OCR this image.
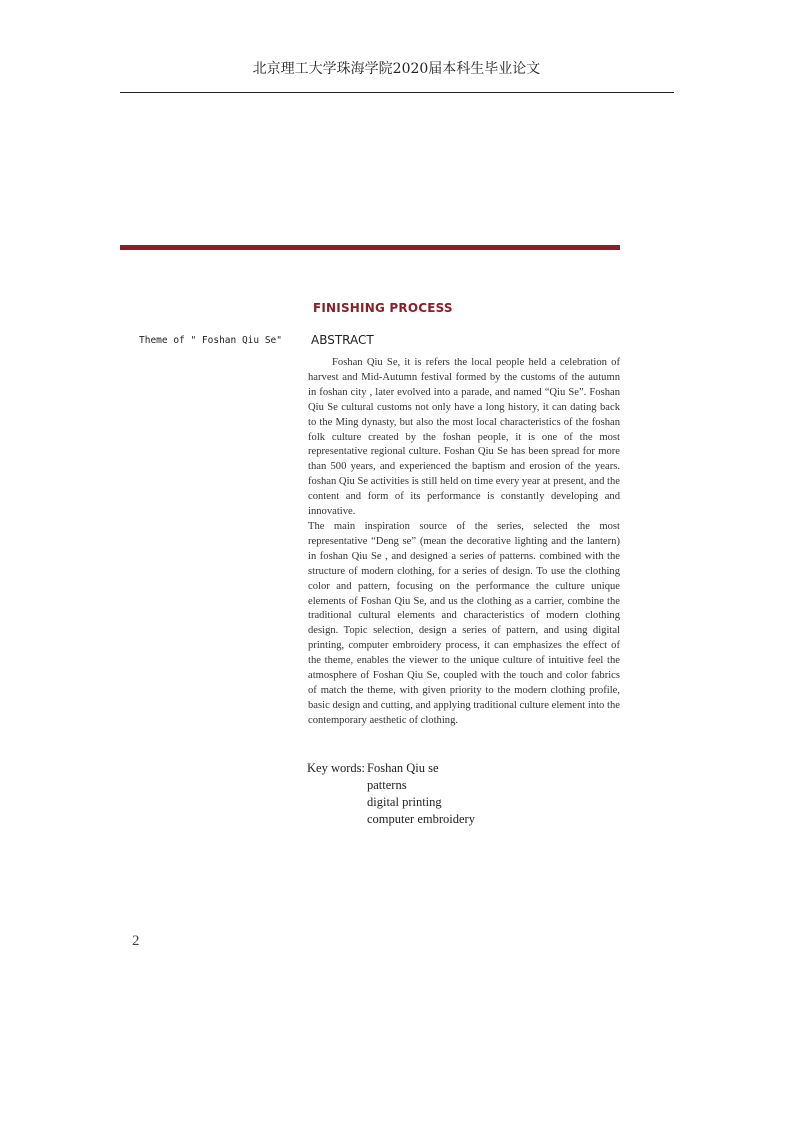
北京理工大学珠海学院2020届本科生毕业论文
FINISHING PROCESS
Theme of " Foshan Qiu Se" ABSTRACT

Foshan Qiu Se, it is refers the local people held a celebration of harvest and Mid-Autumn festival formed by the customs of the autumn in foshan city , later evolved into a parade, and named “Qiu Se”. Foshan Qiu Se cultural customs not only have a long history, it can dating back to the Ming dynasty, but also the most local characteristics of the foshan folk culture created by the foshan people, it is one of the most representative regional culture. Foshan Qiu Se has been spread for more than 500 years, and experienced the baptism and erosion of the years. foshan Qiu Se activities is still held on time every year at present, and the content and form of its performance is constantly developing and innovative.

The main inspiration source of the series, selected the most representative “Deng se” (mean the decorative lighting and the lantern) in foshan Qiu Se , and designed a series of patterns. combined with the structure of modern clothing, for a series of design. To use the clothing color and pattern, focusing on the performance the culture unique elements of Foshan Qiu Se, and us the clothing as a carrier, combine the traditional cultural elements and characteristics of modern clothing design. Topic selection, design a series of pattern, and using digital printing, computer embroidery process, it can emphasizes the effect of the theme, enables the viewer to the unique culture of intuitive feel the atmosphere of Foshan Qiu Se, coupled with the touch and color fabrics of match the theme, with given priority to the modern clothing profile, basic design and cutting, and applying traditional culture element into the contemporary aesthetic of clothing.

Key words: Foshan Qiu se
patterns
digital printing
computer embroidery
2
